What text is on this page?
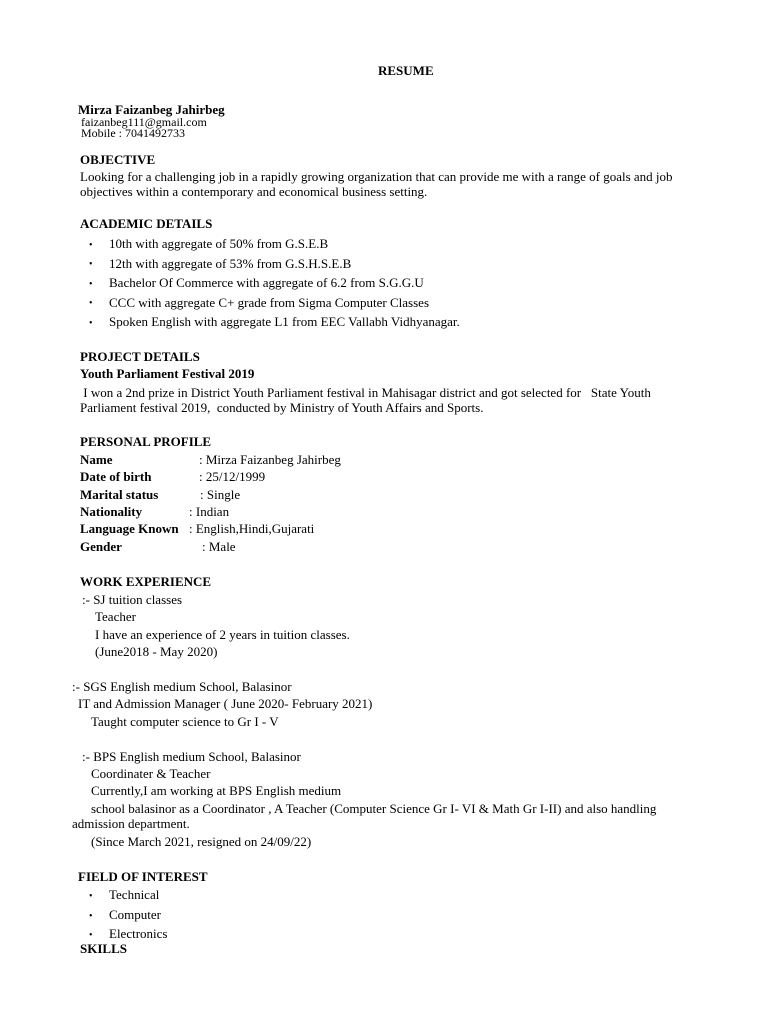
RESUME
Mirza Faizanbeg Jahirbeg
faizanbeg111@gmail.com
Mobile : 7041492733
OBJECTIVE
Looking for a challenging job in a rapidly growing organization that can provide me with a range of goals and job objectives within a contemporary and economical business setting.
ACADEMIC DETAILS
• 10th with aggregate of 50% from G.S.E.B
• 12th with aggregate of 53% from G.S.H.S.E.B
• Bachelor Of Commerce with aggregate of 6.2 from S.G.G.U
• CCC with aggregate C+ grade from Sigma Computer Classes
• Spoken English with aggregate L1 from EEC Vallabh Vidhyanagar.
PROJECT DETAILS
Youth Parliament Festival 2019
I won a 2nd prize in District Youth Parliament festival in Mahisagar district and got selected for   State Youth Parliament festival 2019,  conducted by Ministry of Youth Affairs and Sports.
PERSONAL PROFILE
Name	: Mirza Faizanbeg Jahirbeg
Date of birth	: 25/12/1999
Marital status	: Single
Nationality	: Indian
Language Known : English,Hindi,Gujarati
Gender	: Male
WORK EXPERIENCE
:- SJ tuition classes
Teacher
I have an experience of 2 years in tuition classes.
(June2018 - May 2020)
:- SGS English medium School, Balasinor
IT and Admission Manager ( June 2020- February 2021)
Taught computer science to Gr I - V
:- BPS English medium School, Balasinor
Coordinater & Teacher
Currently,I am working at BPS English medium
school balasinor as a Coordinator , A Teacher (Computer Science Gr I- VI & Math Gr I-II) and also handling
admission department.
(Since March 2021, resigned on 24/09/22)
FIELD OF INTEREST
• Technical
• Computer
• Electronics
SKILLS
